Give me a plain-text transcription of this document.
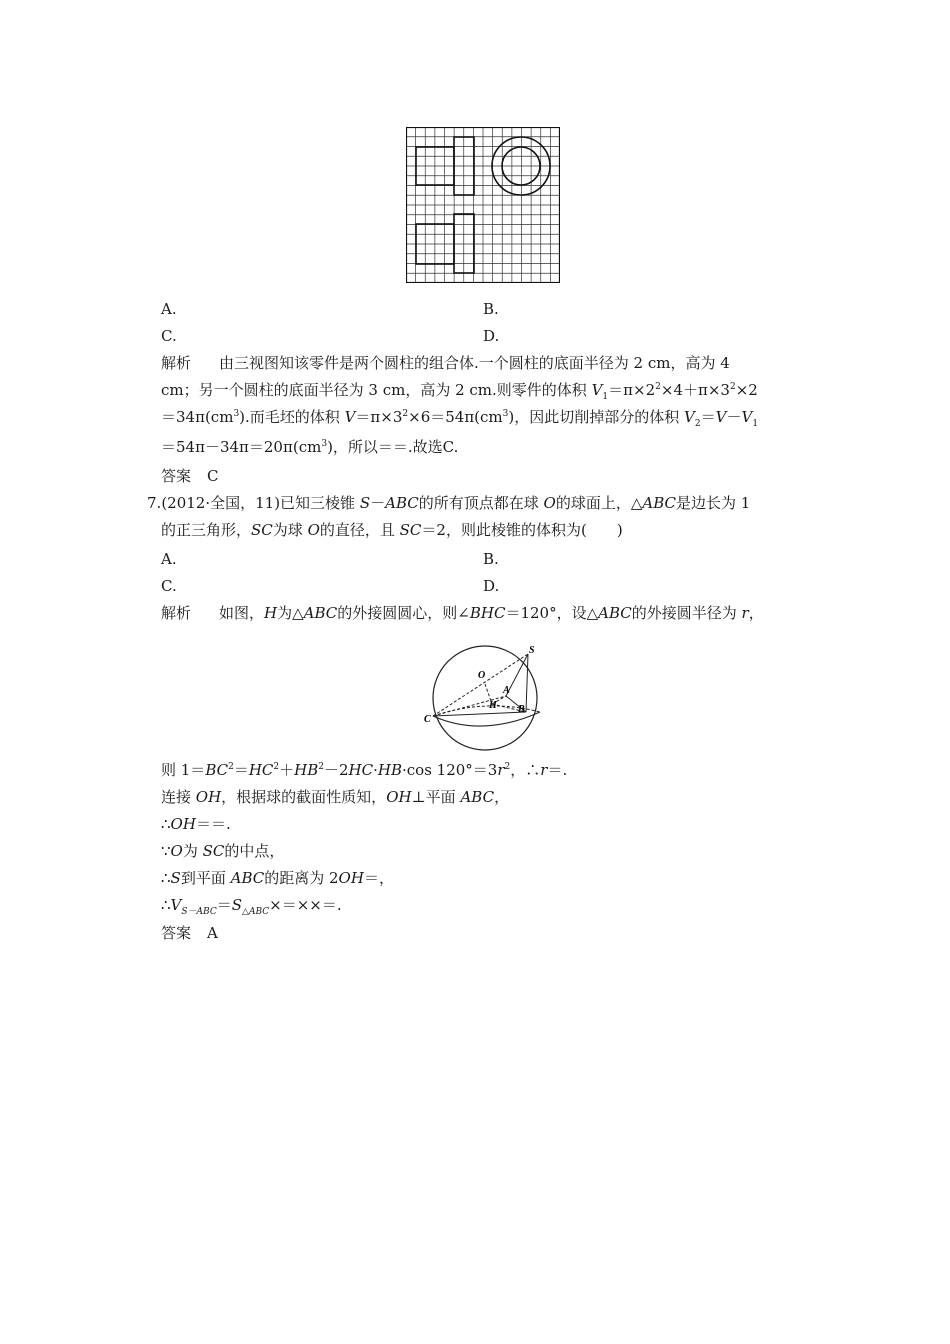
A.	B.
C.	D.
解析 由三视图知该零件是两个圆柱的组合体.一个圆柱的底面半径为 2 cm，高为 4
cm；另一个圆柱的底面半径为 3 cm，高为 2 cm.则零件的体积 $V_1=\pi\times 2^2\times 4+\pi\times 3^2\times 2$
$=34\pi(cm^3)$.而毛坯的体积 $V=\pi\times 3^2\times 6=54\pi(cm^3)$，因此切削掉部分的体积 $V_2=V-V_1$
$=54\pi-34\pi=20\pi(cm^3)$，所以＝＝.故选C.
答案 C
7.(2012·全国，11)已知三棱锥 S－ABC的所有顶点都在球 O的球面上，△ABC是边长为 1
的正三角形，SC为球 O的直径，且 SC＝2，则此棱锥的体积为(　　)
A.	B.
C.	D.
解析 如图，H为△ABC的外接圆圆心，则∠BHC＝120°，设△ABC的外接圆半径为 r，
S
O
A
H B
C
则 $1=BC^2=HC^2+HB^2-2HC\cdot HB\cdot\cos$ $120^\circ=3r^2$，∴r＝.
连接 OH，根据球的截面性质知，OH⊥平面 ABC，
∴OH＝＝.
∵O为 SC的中点，
∴S到平面 ABC的距离为 2OH＝，
$\therefore V_{S-ABC}=S_{\triangle ABC}\times=\times\times=$.
答案 A
